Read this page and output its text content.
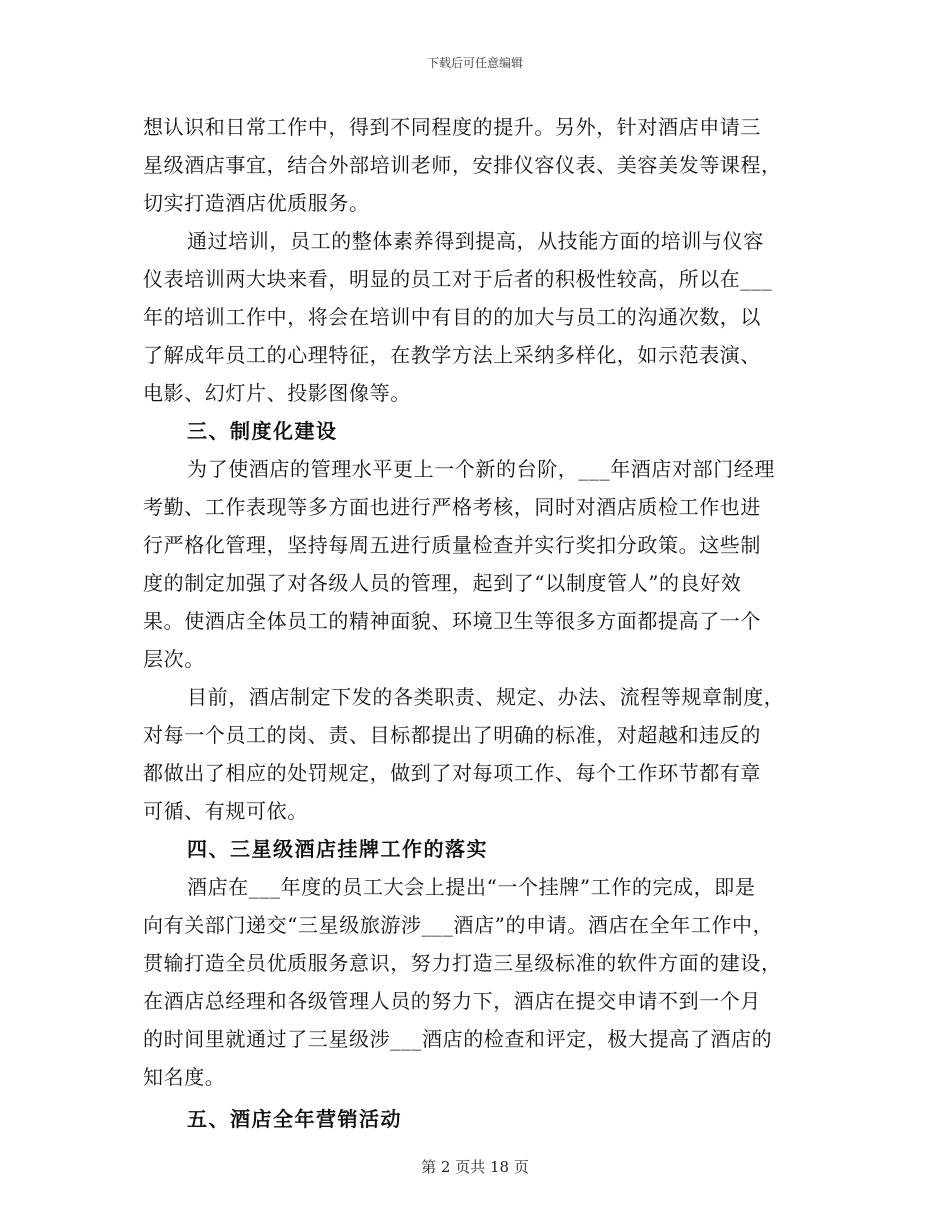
下载后可任意编辑
想认识和日常工作中，得到不同程度的提升。另外，针对酒店申请三
星级酒店事宜，结合外部培训老师，安排仪容仪表、美容美发等课程，
切实打造酒店优质服务。
通过培训，员工的整体素养得到提高，从技能方面的培训与仪容
仪表培训两大块来看，明显的员工对于后者的积极性较高，所以在___
年的培训工作中，将会在培训中有目的的加大与员工的沟通次数，以
了解成年员工的心理特征，在教学方法上采纳多样化，如示范表演、
电影、幻灯片、投影图像等。
三、制度化建设
为了使酒店的管理水平更上一个新的台阶，___年酒店对部门经理
考勤、工作表现等多方面也进行严格考核，同时对酒店质检工作也进
行严格化管理，坚持每周五进行质量检查并实行奖扣分政策。这些制
度的制定加强了对各级人员的管理，起到了“以制度管人”的良好效
果。使酒店全体员工的精神面貌、环境卫生等很多方面都提高了一个
层次。
目前，酒店制定下发的各类职责、规定、办法、流程等规章制度，
对每一个员工的岗、责、目标都提出了明确的标准，对超越和违反的
都做出了相应的处罚规定，做到了对每项工作、每个工作环节都有章
可循、有规可依。
四、三星级酒店挂牌工作的落实
酒店在___年度的员工大会上提出“一个挂牌”工作的完成，即是
向有关部门递交“三星级旅游涉___酒店”的申请。酒店在全年工作中，
贯输打造全员优质服务意识，努力打造三星级标准的软件方面的建设，
在酒店总经理和各级管理人员的努力下，酒店在提交申请不到一个月
的时间里就通过了三星级涉___酒店的检查和评定，极大提高了酒店的
知名度。
五、酒店全年营销活动
第 2 页共 18 页
